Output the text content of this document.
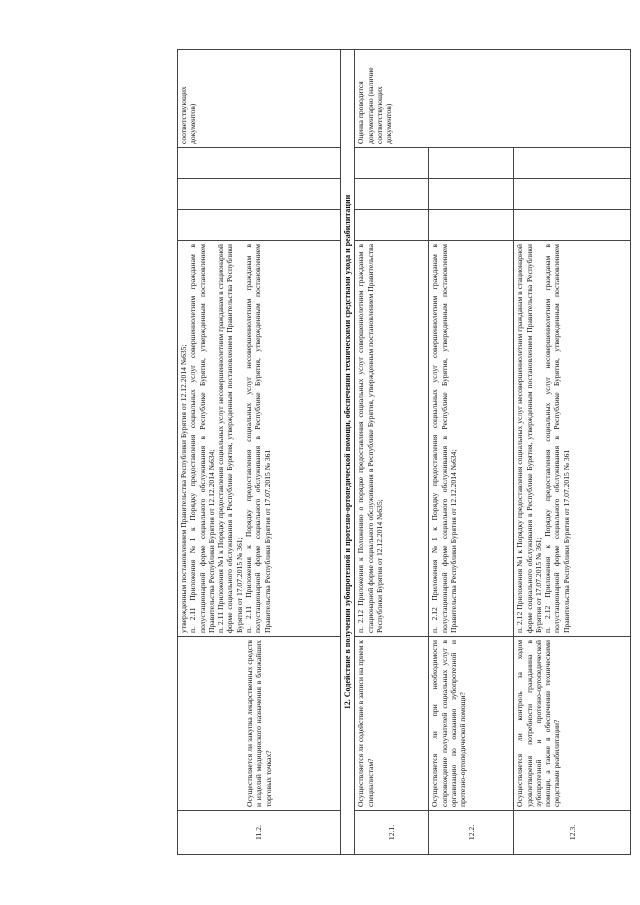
11.2.	Осуществляется ли закупка лекарственных средств и изделий медицинского назначения в ближайших торговых точках?	утвержденным постановлением Правительства Республики Бурятия от 12.12.2014 №635; п. 2.11 Приложения №1 к Порядку предоставления социальных услуг совершеннолетним гражданам в полустационарной форме социального обслуживания в Республике Бурятия, утвержденным постановлением Правительства Республики Бурятия от 12.12.2014 №634; п. 2.11 Приложения №1 к Порядку предоставления социальных услуг несовершеннолетним гражданам в стационарной форме социального обслуживания в Республике Бурятия, утвержденным постановлением Правительства Республики Бурятия от 17.07.2015 № 361; п. 2.11 Приложения к Порядку предоставления социальных услуг несовершеннолетним гражданам в полустационарной форме социального обслуживания в Республике Бурятия, утвержденным постановлением Правительства Республики Бурятия от 17.07.2015 № 361				соответствующих документов)
12. Содействие в получении зубопротезной и протезно-ортопедической помощи, обеспечении техническими средствами ухода и реабилитации						
12.1.	Осуществляется ли содействие в записи на прием к специалистам?	п. 2.12 Приложения к Положению о порядке предоставления социальных услуг совершеннолетним гражданам в стационарной форме социального обслуживания в Республике Бурятия, утвержденным постановлением Правительства Республики Бурятия от 12.12.2014 №635;				Оценка проводится документарно (наличие соответствующих документов)
12.2.	Осуществляется ли при необходимости сопровождение получателей социальных услуг в организацию по оказанию зубопротезной и протезно-ортопедической помощи?	п. 2.12 Приложения №1 к Порядку предоставления социальных услуг совершеннолетним гражданам в полустационарной форме социального обслуживания в Республике Бурятия, утвержденным постановлением Правительства Республики Бурятия от 12.12.2014 №634;				

12.3.	Осуществляется ли контроль за ходом удовлетворения потребности гражданина в зубопротезной и протезно-ортопедической помощи, а также в обеспечении техническими средствами реабилитации?	п. 2.12 Приложения №1 к Порядку предоставления социальных услуг несовершеннолетним гражданам в стационарной форме социального обслуживания в Республике Бурятия, утвержденным постановлением Правительства Республики Бурятия от 17.07.2015 № 361; п. 2.12 Приложения к Порядку предоставления социальных услуг несовершеннолетним гражданам в полустационарной форме социального обслуживания в Республике Бурятия, утвержденным постановлением Правительства Республики Бурятия от 17.07.2015 № 361				
